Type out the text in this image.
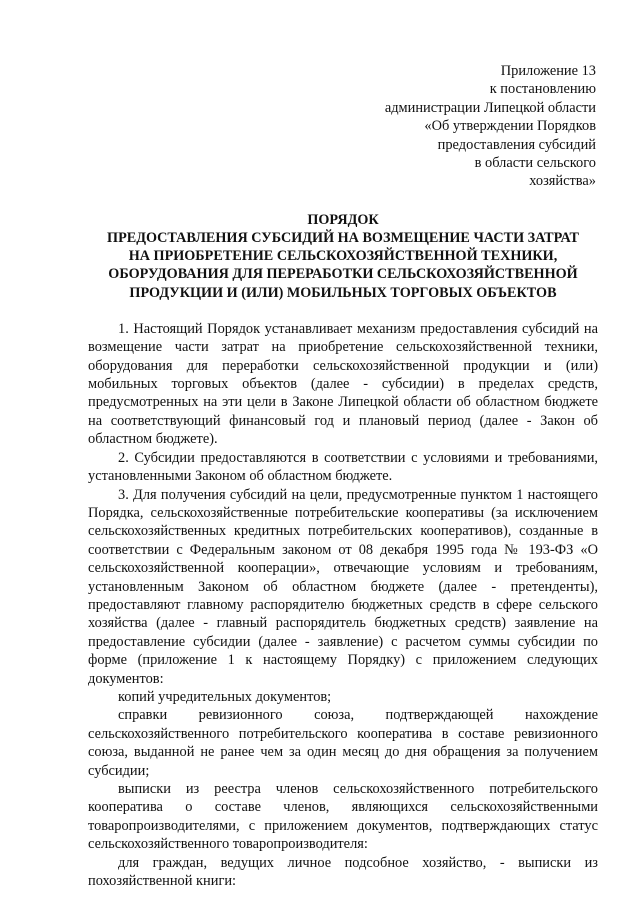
Приложение 13
к постановлению
администрации Липецкой области
«Об утверждении Порядков
предоставления субсидий
в области сельского
хозяйства»
ПОРЯДОК
ПРЕДОСТАВЛЕНИЯ СУБСИДИЙ НА ВОЗМЕЩЕНИЕ ЧАСТИ ЗАТРАТ
НА ПРИОБРЕТЕНИЕ СЕЛЬСКОХОЗЯЙСТВЕННОЙ ТЕХНИКИ,
ОБОРУДОВАНИЯ ДЛЯ ПЕРЕРАБОТКИ СЕЛЬСКОХОЗЯЙСТВЕННОЙ
ПРОДУКЦИИ И (ИЛИ) МОБИЛЬНЫХ ТОРГОВЫХ ОБЪЕКТОВ

1. Настоящий Порядок устанавливает механизм предоставления субсидий на возмещение части затрат на приобретение сельскохозяйственной техники, оборудования для переработки сельскохозяйственной продукции и (или) мобильных торговых объектов (далее - субсидии) в пределах средств, предусмотренных на эти цели в Законе Липецкой области об областном бюджете на соответствующий финансовый год и плановый период (далее - Закон об областном бюджете).

2. Субсидии предоставляются в соответствии с условиями и требованиями, установленными Законом об областном бюджете.

3. Для получения субсидий на цели, предусмотренные пунктом 1 настоящего Порядка, сельскохозяйственные потребительские кооперативы (за исключением сельскохозяйственных кредитных потребительских кооперативов), созданные в соответствии с Федеральным законом от 08 декабря 1995 года № 193-ФЗ «О сельскохозяйственной кооперации», отвечающие условиям и требованиям, установленным Законом об областном бюджете (далее - претенденты), предоставляют главному распорядителю бюджетных средств в сфере сельского хозяйства (далее - главный распорядитель бюджетных средств) заявление на предоставление субсидии (далее - заявление) с расчетом суммы субсидии по форме (приложение 1 к настоящему Порядку) с приложением следующих документов:

копий учредительных документов;

справки ревизионного союза, подтверждающей нахождение сельскохозяйственного потребительского кооператива в составе ревизионного союза, выданной не ранее чем за один месяц до дня обращения за получением субсидии;

выписки из реестра членов сельскохозяйственного потребительского кооператива о составе членов, являющихся сельскохозяйственными товаропроизводителями, с приложением документов, подтверждающих статус сельскохозяйственного товаропроизводителя:

для граждан, ведущих личное подсобное хозяйство, - выписки из похозяйственной книги:
